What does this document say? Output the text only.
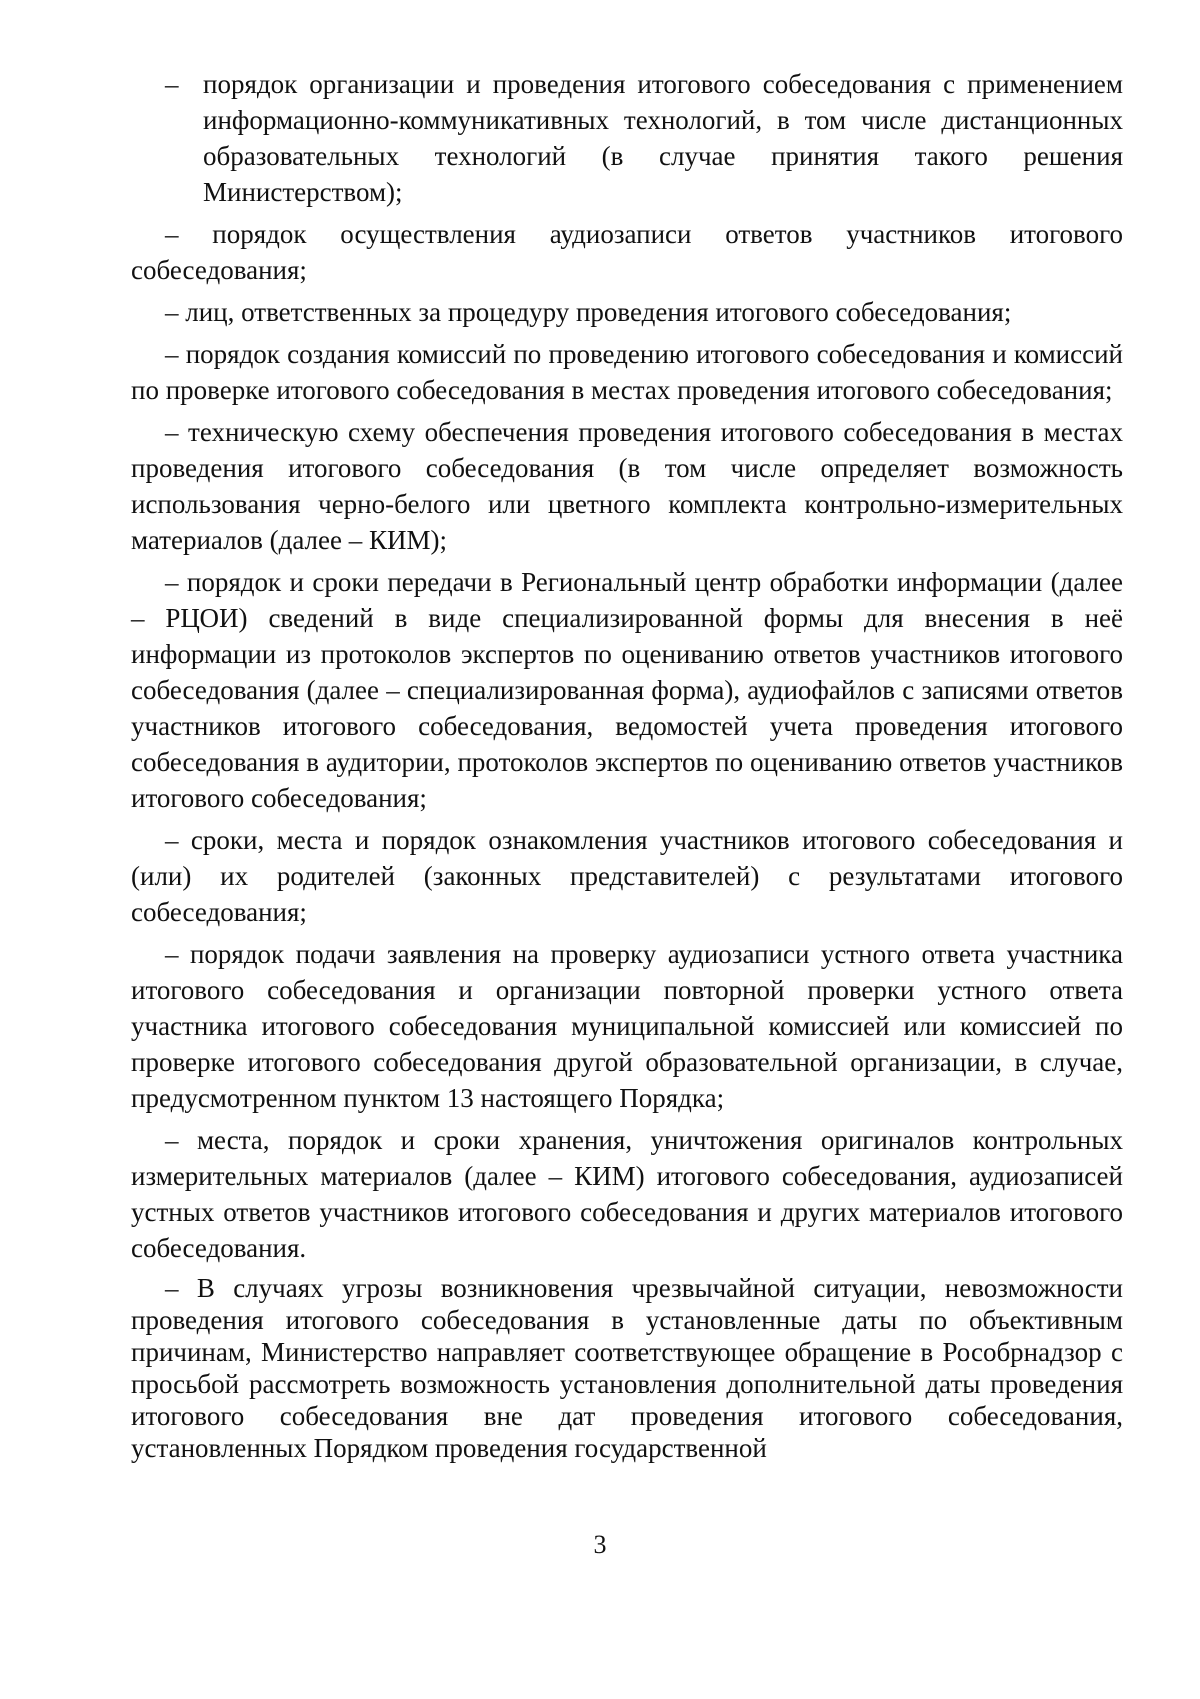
– порядок организации и проведения итогового собеседования с применением информационно-коммуникативных технологий, в том числе дистанционных образовательных технологий (в случае принятия такого решения Министерством);

– порядок осуществления аудиозаписи ответов участников итогового собеседования;

– лиц, ответственных за процедуру проведения итогового собеседования;

– порядок создания комиссий по проведению итогового собеседования и комиссий по проверке итогового собеседования в местах проведения итогового собеседования;

– техническую схему обеспечения проведения итогового собеседования в местах проведения итогового собеседования (в том числе определяет возможность использования черно-белого или цветного комплекта контрольно-измерительных материалов (далее – КИМ);

– порядок и сроки передачи в Региональный центр обработки информации (далее – РЦОИ) сведений в виде специализированной формы для внесения в неё информации из протоколов экспертов по оцениванию ответов участников итогового собеседования (далее – специализированная форма), аудиофайлов с записями ответов участников итогового собеседования, ведомостей учета проведения итогового собеседования в аудитории, протоколов экспертов по оцениванию ответов участников итогового собеседования;

– сроки, места и порядок ознакомления участников итогового собеседования и (или) их родителей (законных представителей) с результатами итогового собеседования;

– порядок подачи заявления на проверку аудиозаписи устного ответа участника итогового собеседования и организации повторной проверки устного ответа участника итогового собеседования муниципальной комиссией или комиссией по проверке итогового собеседования другой образовательной организации, в случае, предусмотренном пунктом 13 настоящего Порядка;

– места, порядок и сроки хранения, уничтожения оригиналов контрольных измерительных материалов (далее – КИМ) итогового собеседования, аудиозаписей устных ответов участников итогового собеседования и других материалов итогового собеседования.

– В случаях угрозы возникновения чрезвычайной ситуации, невозможности проведения итогового собеседования в установленные даты по объективным причинам, Министерство направляет соответствующее обращение в Рособрнадзор с просьбой рассмотреть возможность установления дополнительной даты проведения итогового собеседования вне дат проведения итогового собеседования, установленных Порядком проведения государственной

3
